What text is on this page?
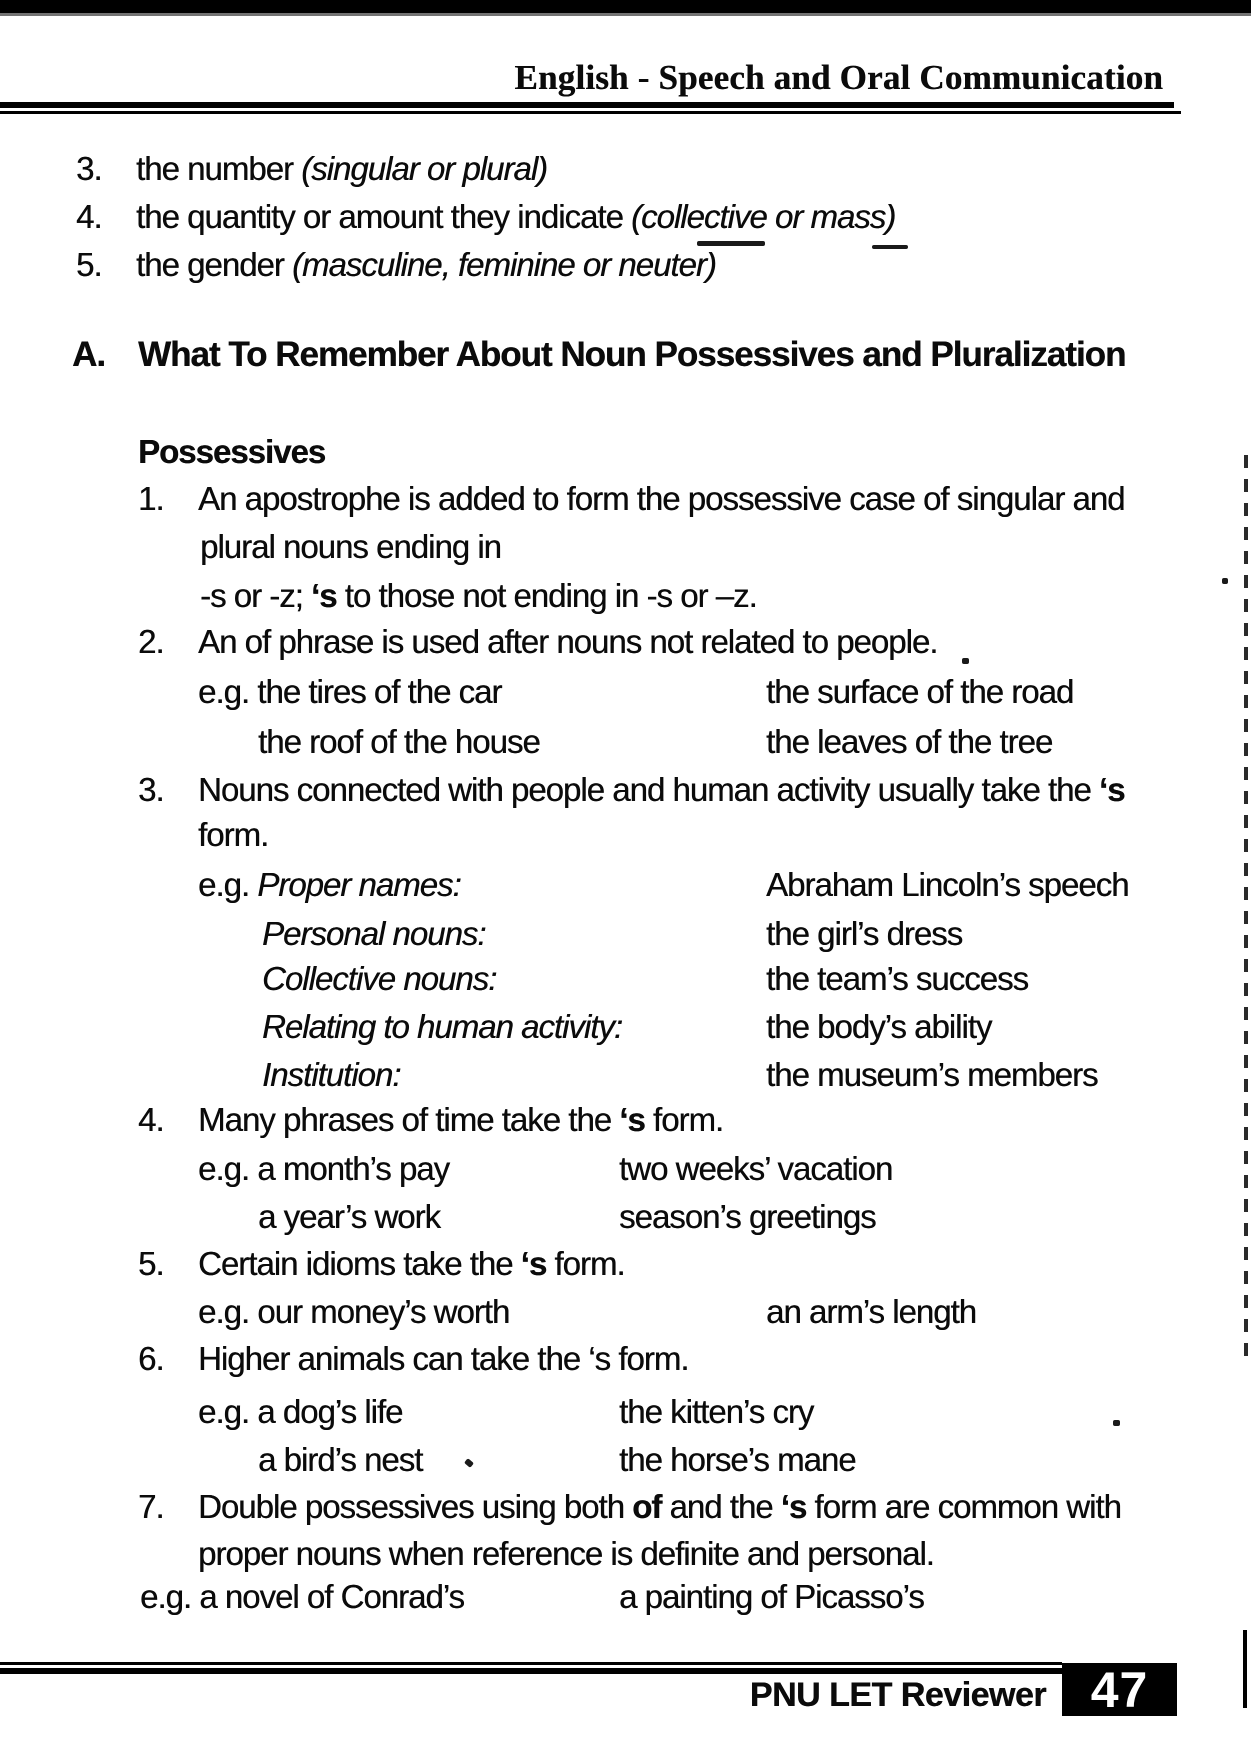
English - Speech and Oral Communication
3. the number (singular or plural)
4. the quantity or amount they indicate (collective or mass)
5. the gender (masculine, feminine or neuter)
A. What To Remember About Noun Possessives and Pluralization
Possessives
1. An apostrophe is added to form the possessive case of singular and
plural nouns ending in
-s or -z; ‘s to those not ending in -s or –z.
2. An of phrase is used after nouns not related to people.
e.g. the tires of the car	the surface of the road
the roof of the house	the leaves of the tree
3. Nouns connected with people and human activity usually take the ‘s
form.
e.g. Proper names:	Abraham Lincoln’s speech
Personal nouns:	the girl’s dress
Collective nouns:	the team’s success
Relating to human activity:	the body’s ability
Institution:	the museum’s members
4. Many phrases of time take the ‘s form.
e.g. a month’s pay	two weeks’ vacation
a year’s work	season’s greetings
5. Certain idioms take the ‘s form.
e.g. our money’s worth	an arm’s length
6. Higher animals can take the ‘s form.
e.g. a dog’s life	the kitten’s cry
a bird’s nest	the horse’s mane
7. Double possessives using both of and the ‘s form are common with
proper nouns when reference is definite and personal.
e.g. a novel of Conrad’s	a painting of Picasso’s
PNU LET Reviewer 47
